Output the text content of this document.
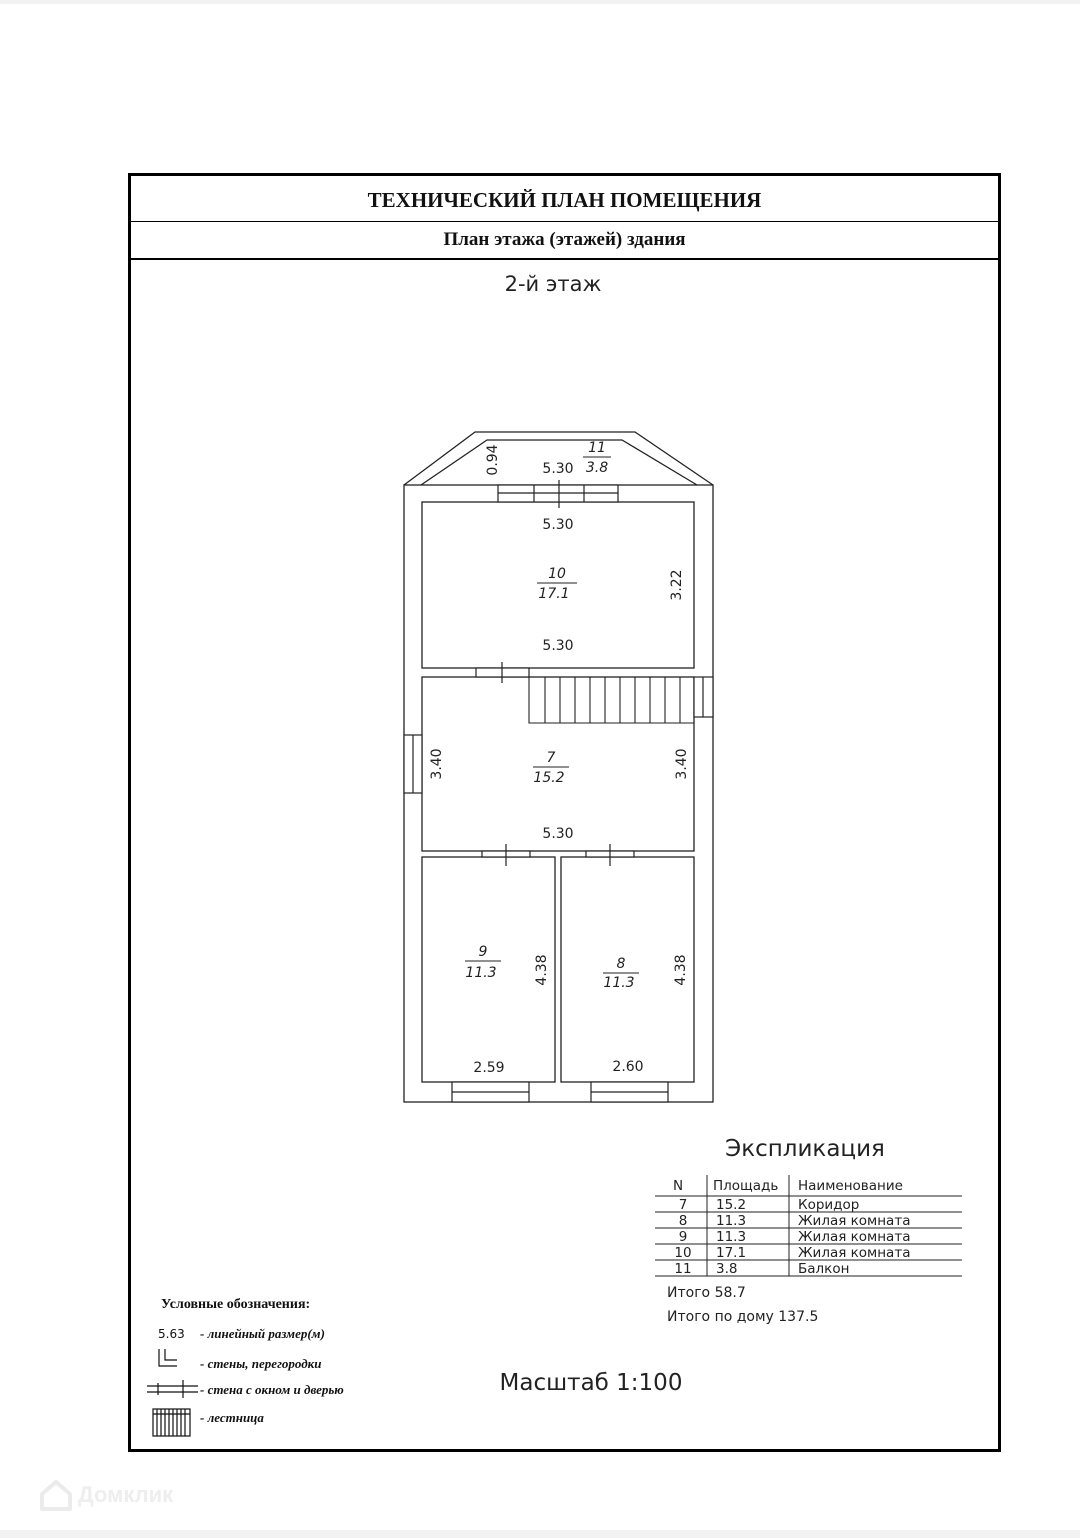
ТЕХНИЧЕСКИЙ ПЛАН ПОМЕЩЕНИЯ
План этажа (этажей) здания
2-й этаж
11
3.8
10
17.1
7
15.2
9
11.3
8
11.3
0.94	5.30
5.30
3.22
5.30
3.40	3.40
5.30
4.38
2.59
4.38
2.60
Экспликация
N Площадь Наименование
7 15.2	Коридор
8 11.3	Жилая комната
9 11.3	Жилая комната
10 17.1	Жилая комната
11 3.8	Балкон
Итого 58.7
Итого по дому 137.5
Масштаб 1:100
Условные обозначения:
5.63 - линейный размер(м)
- стены, перегородки
- стена с окном и дверью
- лестница
Домклик
